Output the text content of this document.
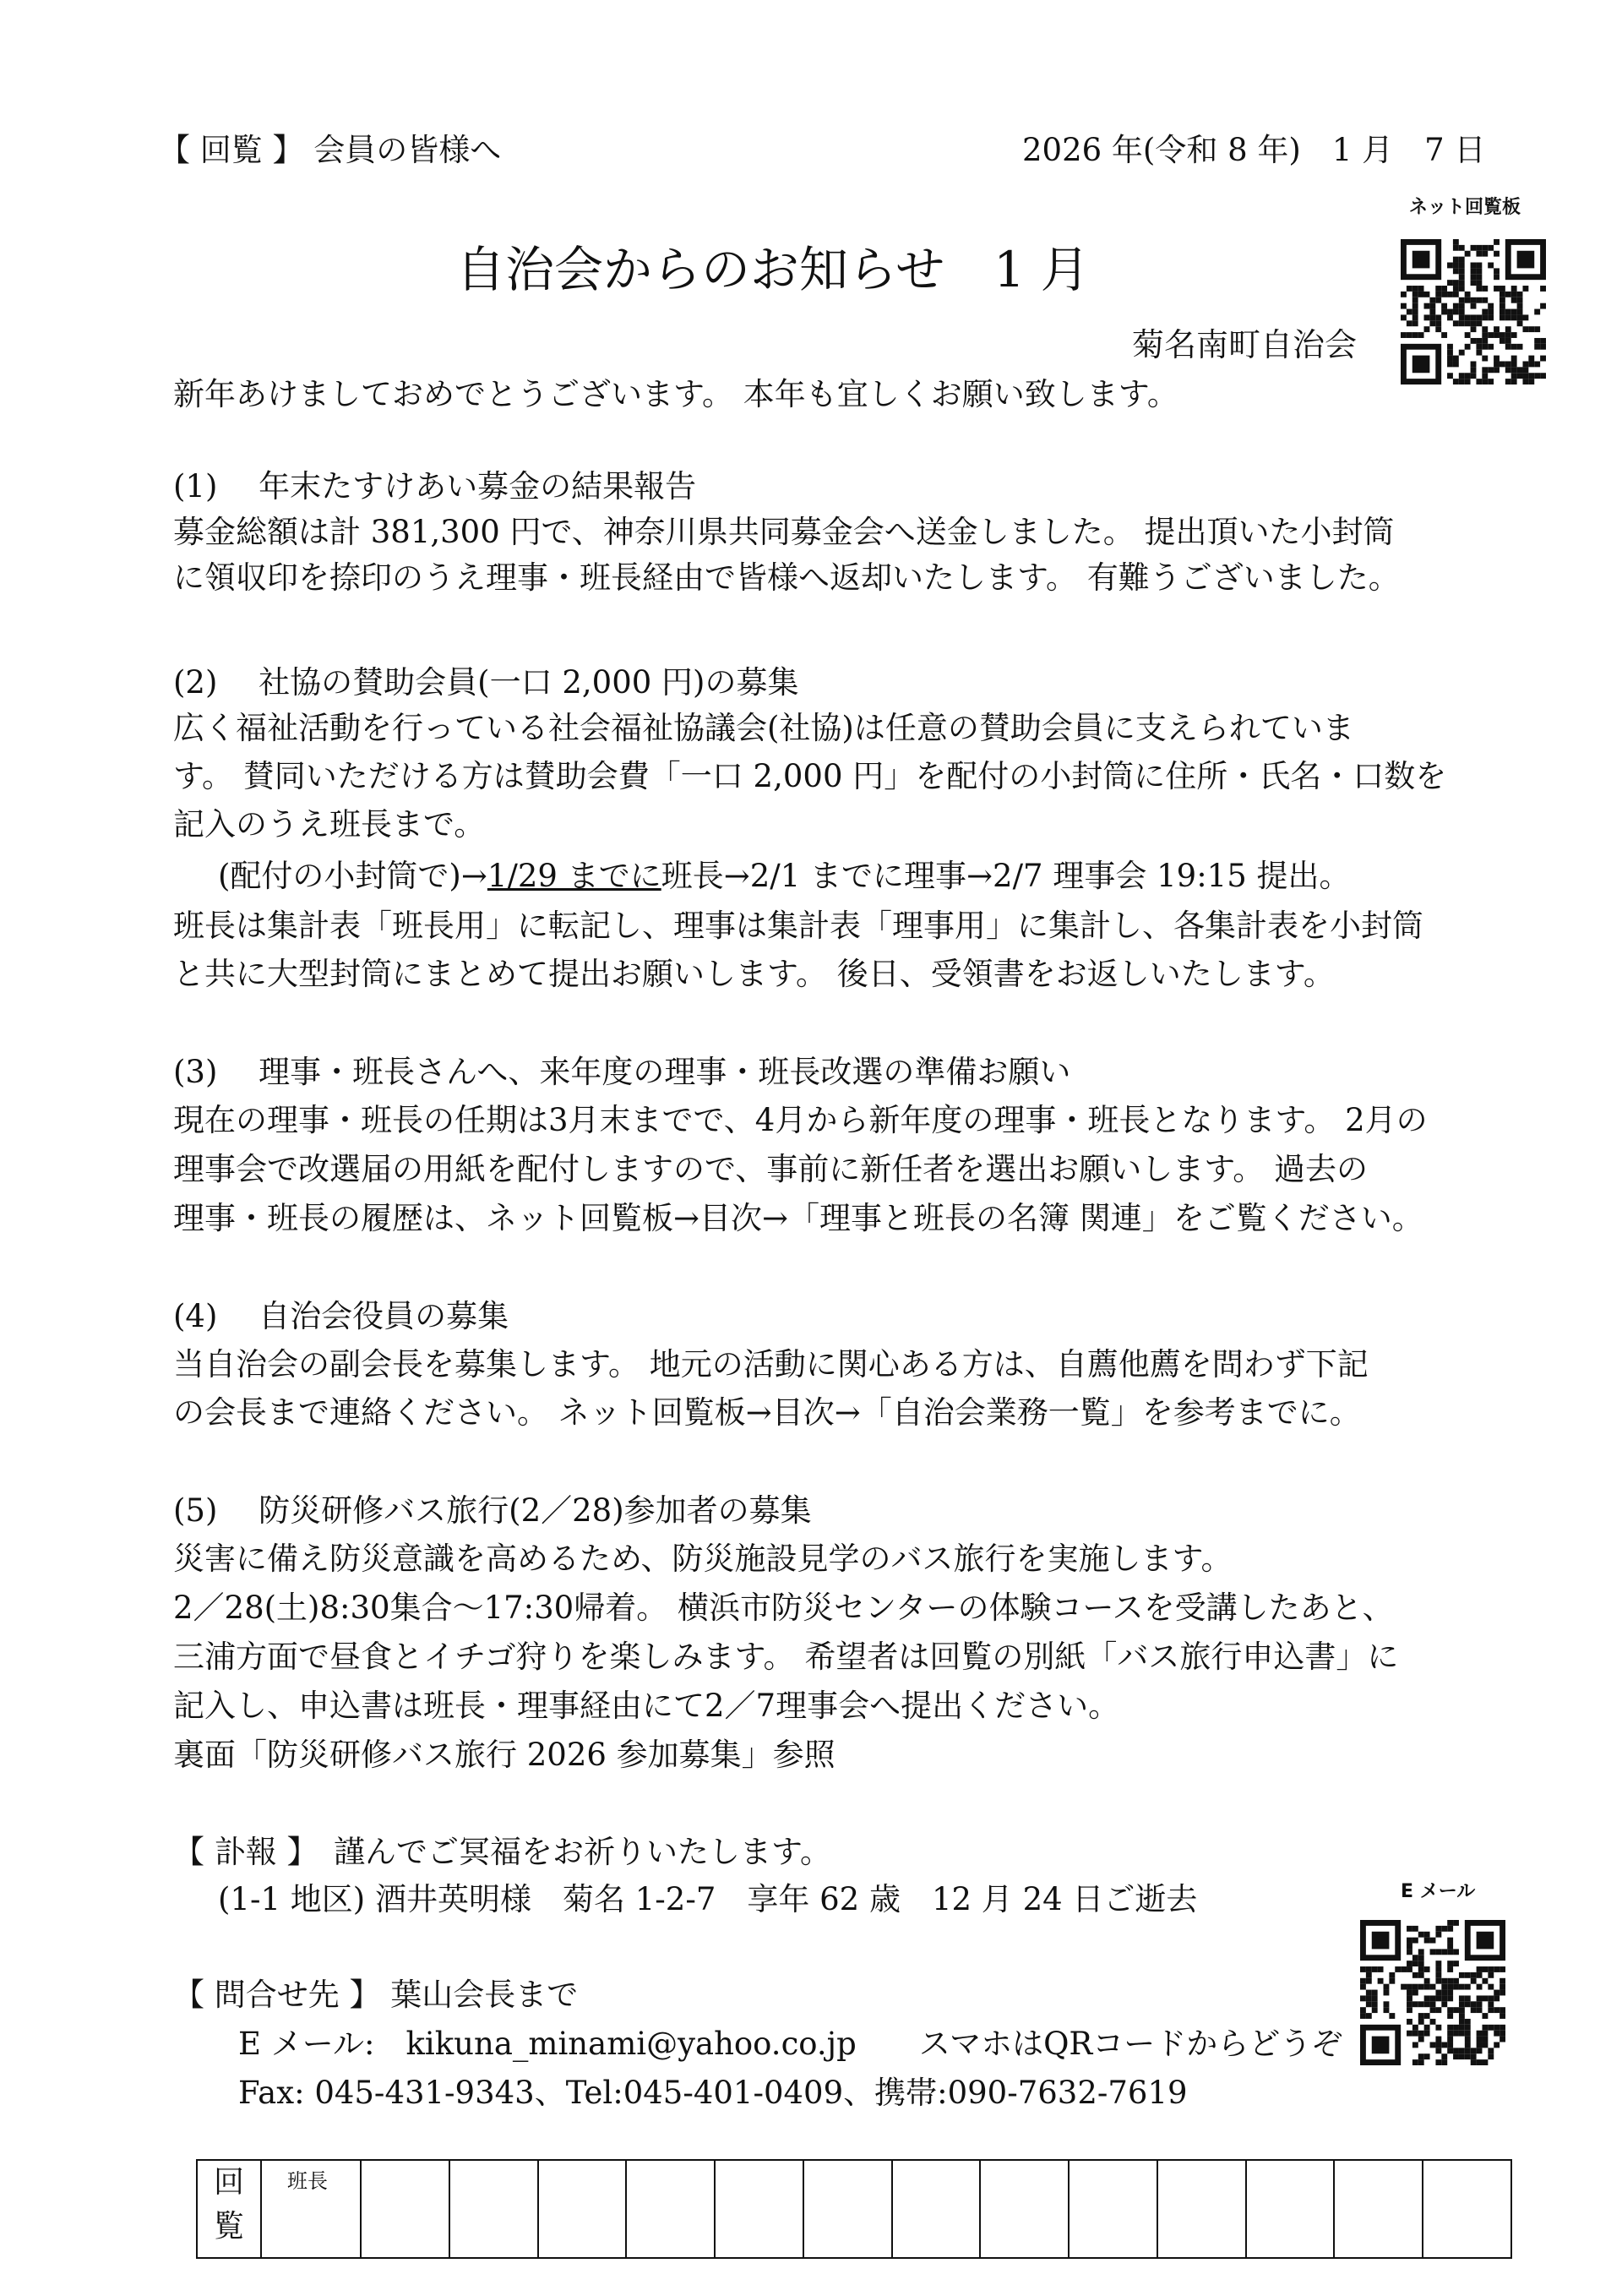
【 回覧 】 会員の皆様へ	2026 年(令和 8 年)　1 月　7 日
ネット回覧板
自治会からのお知らせ　1 月
菊名南町自治会
新年あけましておめでとうございます。 本年も宜しくお願い致します。
(1)　 年末たすけあい募金の結果報告
募金総額は計 381,300 円で、神奈川県共同募金会へ送金しました。 提出頂いた小封筒
に領収印を捺印のうえ理事・班長経由で皆様へ返却いたします。 有難うございました。
(2)　 社協の賛助会員(一口 2,000 円)の募集
広く福祉活動を行っている社会福祉協議会(社協)は任意の賛助会員に支えられていま
す。 賛同いただける方は賛助会費「一口 2,000 円」を配付の小封筒に住所・氏名・口数を
記入のうえ班長まで。
(配付の小封筒で)→1/29 までに班長→2/1 までに理事→2/7 理事会 19:15 提出。
班長は集計表「班長用」に転記し、理事は集計表「理事用」に集計し、各集計表を小封筒
と共に大型封筒にまとめて提出お願いします。 後日、受領書をお返しいたします。
(3)　 理事・班長さんへ、来年度の理事・班長改選の準備お願い
現在の理事・班長の任期は3月末までで、4月から新年度の理事・班長となります。 2月の
理事会で改選届の用紙を配付しますので、事前に新任者を選出お願いします。 過去の
理事・班長の履歴は、ネット回覧板→目次→「理事と班長の名簿 関連」をご覧ください。
(4)　 自治会役員の募集
当自治会の副会長を募集します。 地元の活動に関心ある方は、自薦他薦を問わず下記
の会長まで連絡ください。 ネット回覧板→目次→「自治会業務一覧」を参考までに。
(5)　 防災研修バス旅行(2／28)参加者の募集
災害に備え防災意識を高めるため、防災施設見学のバス旅行を実施します。
2／28(土)8:30集合～17:30帰着。 横浜市防災センターの体験コースを受講したあと、
三浦方面で昼食とイチゴ狩りを楽しみます。 希望者は回覧の別紙「バス旅行申込書」に
記入し、申込書は班長・理事経由にて2／7理事会へ提出ください。
裏面「防災研修バス旅行 2026 参加募集」参照
【 訃報 】　謹んでご冥福をお祈りいたします。
(1-1 地区) 酒井英明様　菊名 1-2-7　享年 62 歳　12 月 24 日ご逝去	E メール
【 問合せ先 】 葉山会長まで
E メール:　kikuna_minami@yahoo.co.jp　　スマホはQRコードからどうぞ
Fax: 045-431-9343、Tel:045-401-0409、携帯:090-7632-7619
回
覧
	班長													
